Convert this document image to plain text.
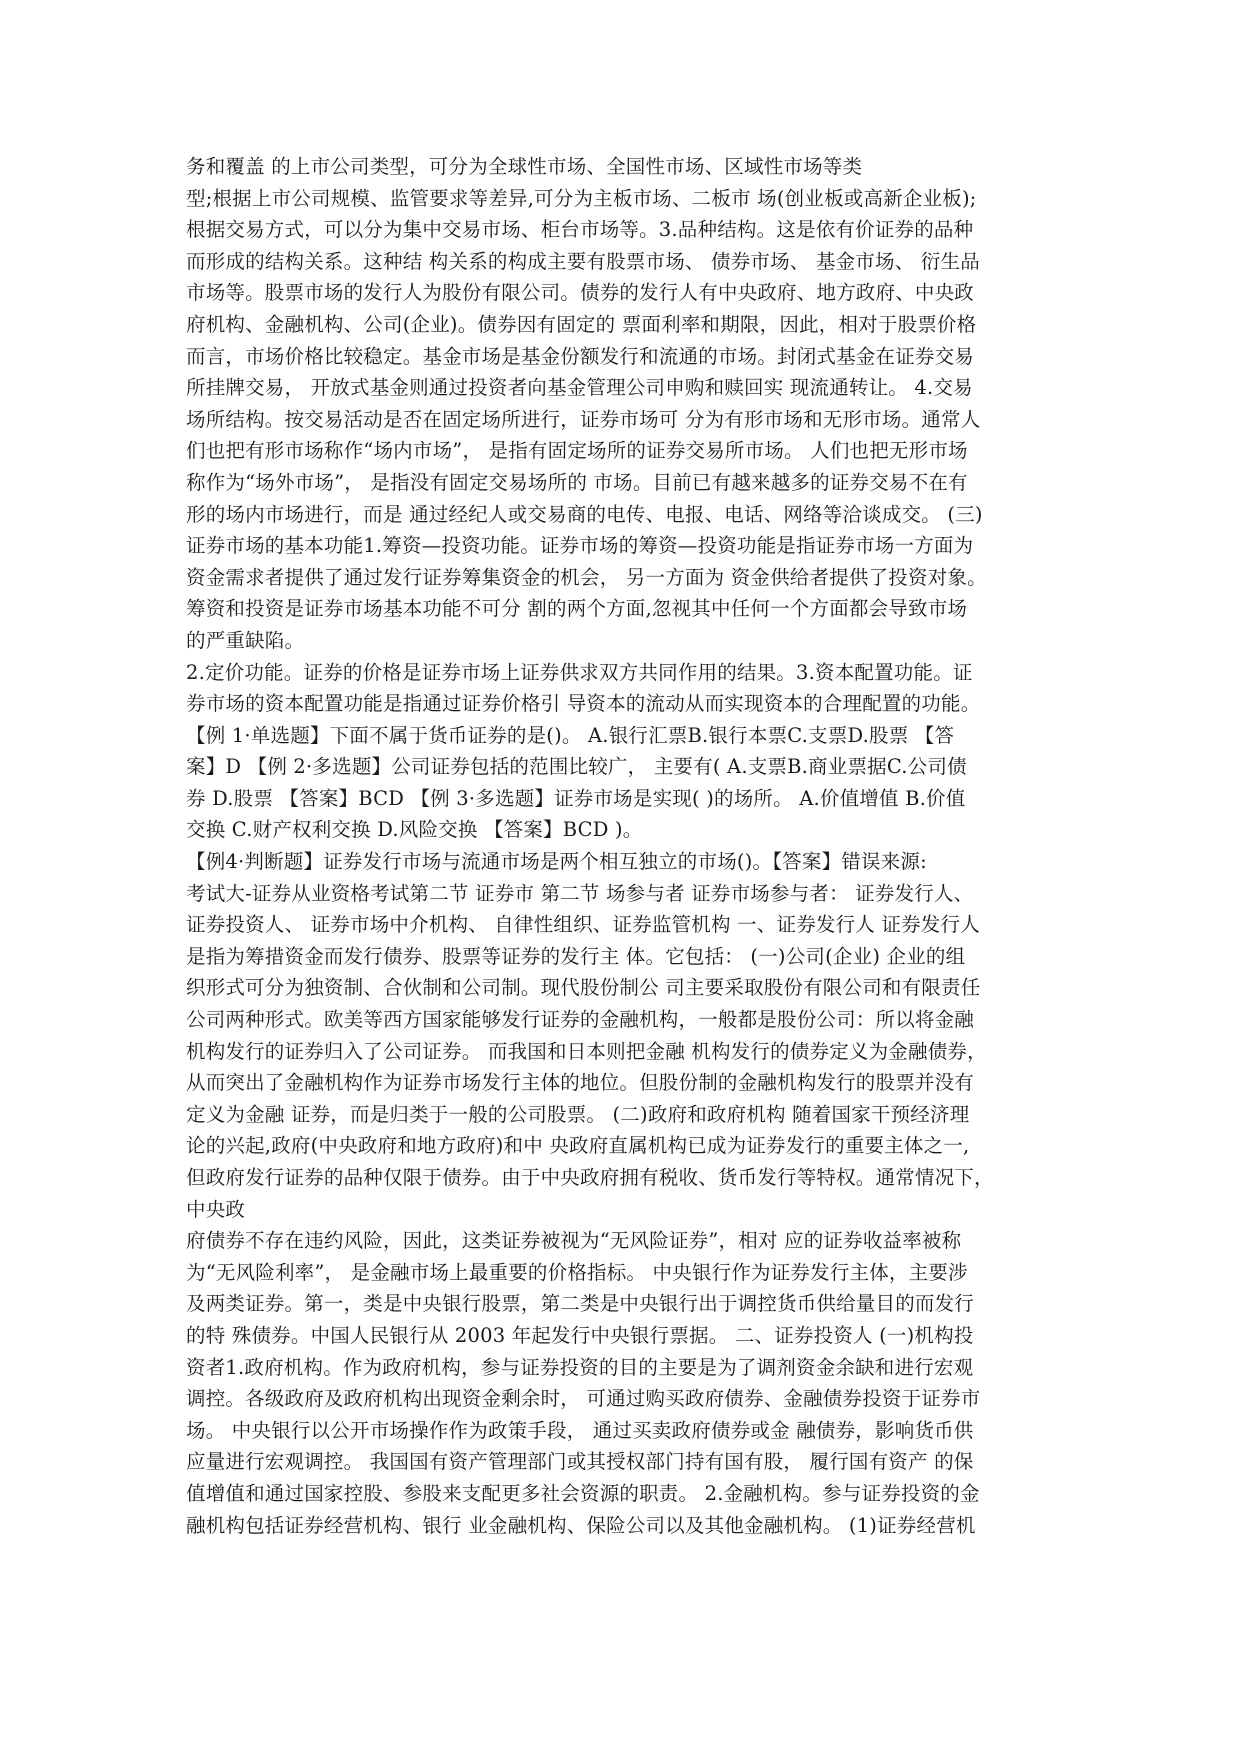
务和覆盖 的上市公司类型，可分为全球性市场、全国性市场、区域性市场等类
型;根据上市公司规模、监管要求等差异,可分为主板市场、二板市 场(创业板或高新企业板);
根据交易方式，可以分为集中交易市场、柜台市场等。3.品种结构。这是依有价证券的品种
而形成的结构关系。这种结 构关系的构成主要有股票市场、 债券市场、 基金市场、 衍生品
市场等。股票市场的发行人为股份有限公司。债券的发行人有中央政府、地方政府、中央政
府机构、金融机构、公司(企业)。债券因有固定的 票面利率和期限，因此，相对于股票价格
而言，市场价格比较稳定。基金市场是基金份额发行和流通的市场。封闭式基金在证券交易
所挂牌交易， 开放式基金则通过投资者向基金管理公司申购和赎回实 现流通转让。 4.交易
场所结构。按交易活动是否在固定场所进行，证券市场可 分为有形市场和无形市场。通常人
们也把有形市场称作“场内市场”， 是指有固定场所的证券交易所市场。 人们也把无形市场
称作为“场外市场”， 是指没有固定交易场所的 市场。目前已有越来越多的证券交易不在有
形的场内市场进行，而是 通过经纪人或交易商的电传、电报、电话、网络等洽谈成交。 (三)
证券市场的基本功能1.筹资—投资功能。证券市场的筹资—投资功能是指证券市场一方面为
资金需求者提供了通过发行证券筹集资金的机会， 另一方面为 资金供给者提供了投资对象。
筹资和投资是证券市场基本功能不可分 割的两个方面,忽视其中任何一个方面都会导致市场
的严重缺陷。
2.定价功能。证券的价格是证券市场上证券供求双方共同作用的结果。3.资本配置功能。证
券市场的资本配置功能是指通过证券价格引 导资本的流动从而实现资本的合理配置的功能。
【例 1·单选题】下面不属于货币证券的是()。 A.银行汇票B.银行本票C.支票D.股票 【答
案】D 【例 2·多选题】公司证券包括的范围比较广， 主要有( A.支票B.商业票据C.公司债
券 D.股票 【答案】BCD 【例 3·多选题】证券市场是实现( )的场所。 A.价值增值 B.价值
交换 C.财产权利交换 D.风险交换 【答案】BCD )。
【例4·判断题】证券发行市场与流通市场是两个相互独立的市场()。【答案】错误来源:
考试大-证券从业资格考试第二节 证券市 第二节 场参与者 证券市场参与者： 证券发行人、
证券投资人、 证券市场中介机构、 自律性组织、证券监管机构 一、证券发行人 证券发行人
是指为筹措资金而发行债券、股票等证券的发行主 体。它包括： (一)公司(企业) 企业的组
织形式可分为独资制、合伙制和公司制。现代股份制公 司主要采取股份有限公司和有限责任
公司两种形式。欧美等西方国家能够发行证券的金融机构，一般都是股份公司：所以将金融
机构发行的证券归入了公司证券。 而我国和日本则把金融 机构发行的债券定义为金融债券，
从而突出了金融机构作为证券市场发行主体的地位。但股份制的金融机构发行的股票并没有
定义为金融 证券，而是归类于一般的公司股票。 (二)政府和政府机构 随着国家干预经济理
论的兴起,政府(中央政府和地方政府)和中 央政府直属机构已成为证券发行的重要主体之一,
但政府发行证券的品种仅限于债券。由于中央政府拥有税收、货币发行等特权。通常情况下，
中央政
府债券不存在违约风险，因此，这类证券被视为“无风险证券”，相对 应的证券收益率被称
为“无风险利率”， 是金融市场上最重要的价格指标。 中央银行作为证券发行主体，主要涉
及两类证券。第一，类是中央银行股票，第二类是中央银行出于调控货币供给量目的而发行
的特 殊债券。中国人民银行从 2003 年起发行中央银行票据。 二、证券投资人 (一)机构投
资者1.政府机构。作为政府机构，参与证券投资的目的主要是为了调剂资金余缺和进行宏观
调控。各级政府及政府机构出现资金剩余时， 可通过购买政府债券、金融债券投资于证券市
场。 中央银行以公开市场操作作为政策手段， 通过买卖政府债券或金 融债券，影响货币供
应量进行宏观调控。 我国国有资产管理部门或其授权部门持有国有股， 履行国有资产 的保
值增值和通过国家控股、参股来支配更多社会资源的职责。 2.金融机构。参与证券投资的金
融机构包括证券经营机构、银行 业金融机构、保险公司以及其他金融机构。 (1)证券经营机
